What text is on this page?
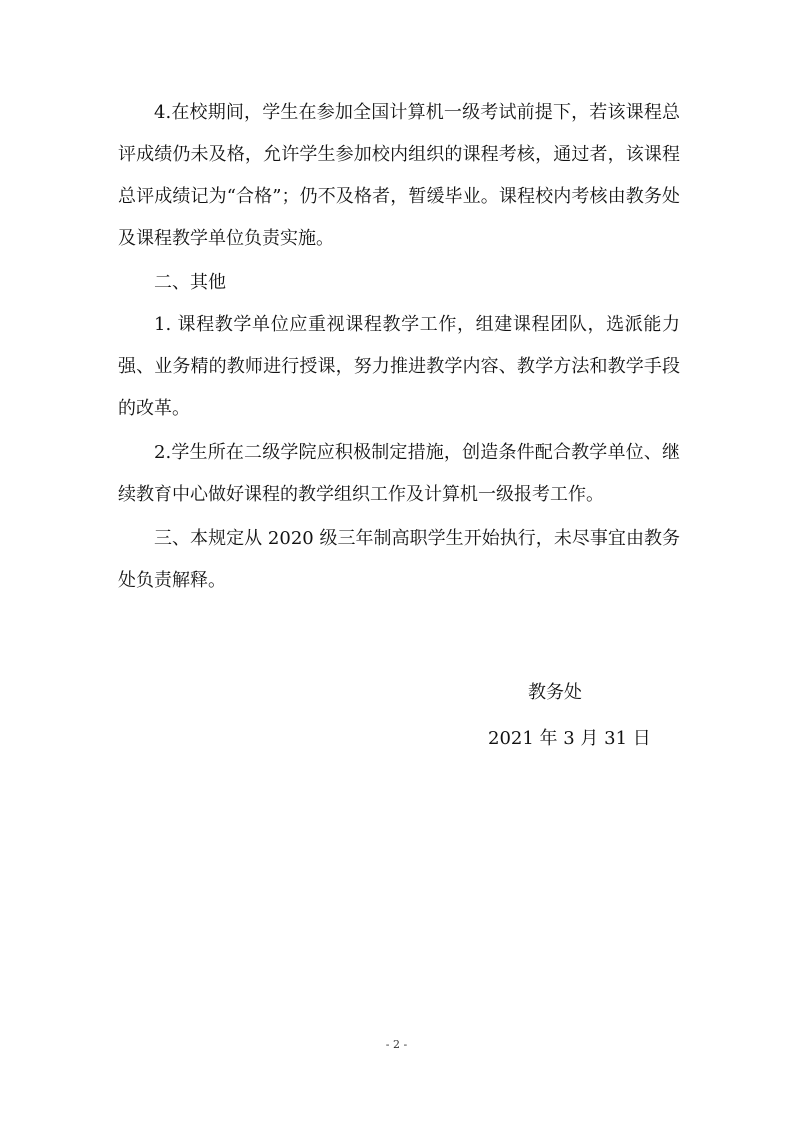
4.在校期间，学生在参加全国计算机一级考试前提下，若该课程总评成绩仍未及格，允许学生参加校内组织的课程考核，通过者，该课程总评成绩记为“合格”；仍不及格者，暂缓毕业。课程校内考核由教务处及课程教学单位负责实施。

二、其他

1. 课程教学单位应重视课程教学工作，组建课程团队，选派能力强、业务精的教师进行授课，努力推进教学内容、教学方法和教学手段的改革。

2.学生所在二级学院应积极制定措施，创造条件配合教学单位、继续教育中心做好课程的教学组织工作及计算机一级报考工作。

三、本规定从 2020 级三年制高职学生开始执行，未尽事宜由教务处负责解释。

教务处
2021 年 3 月 31 日
- 2 -
